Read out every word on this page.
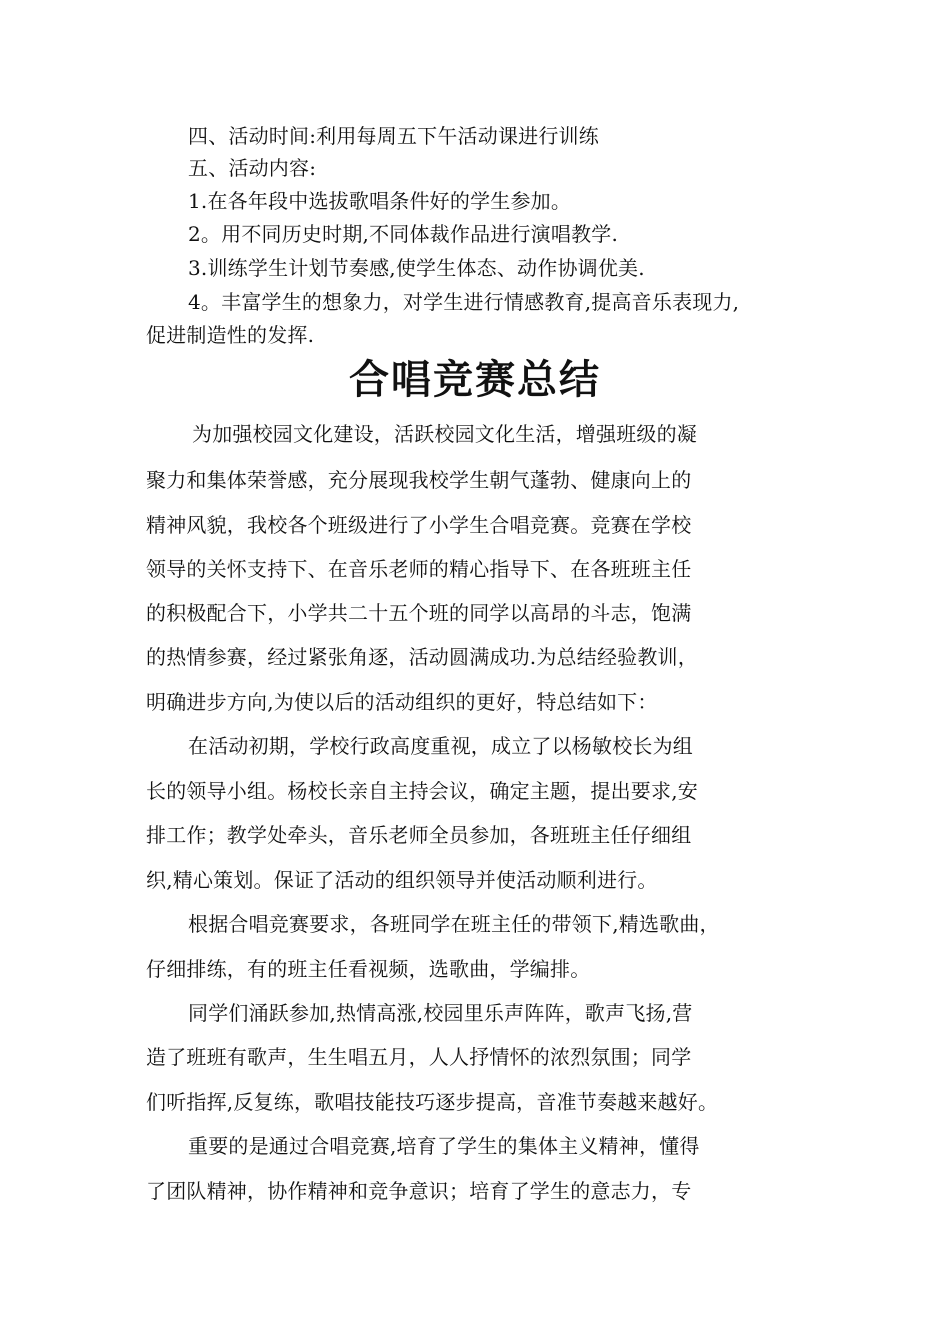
四、活动时间:利用每周五下午活动课进行训练
五、活动内容:
1.在各年段中选拔歌唱条件好的学生参加。
2。用不同历史时期,不同体裁作品进行演唱教学.
3.训练学生计划节奏感,使学生体态、动作协调优美.
4。丰富学生的想象力，对学生进行情感教育,提高音乐表现力,
促进制造性的发挥.
合唱竞赛总结
为加强校园文化建设，活跃校园文化生活，增强班级的凝
聚力和集体荣誉感，充分展现我校学生朝气蓬勃、健康向上的
精神风貌，我校各个班级进行了小学生合唱竞赛。竞赛在学校
领导的关怀支持下、在音乐老师的精心指导下、在各班班主任
的积极配合下，小学共二十五个班的同学以高昂的斗志，饱满
的热情参赛，经过紧张角逐，活动圆满成功.为总结经验教训，
明确进步方向,为使以后的活动组织的更好，特总结如下：
在活动初期，学校行政高度重视，成立了以杨敏校长为组
长的领导小组。杨校长亲自主持会议，确定主题，提出要求,安
排工作；教学处牵头，音乐老师全员参加，各班班主任仔细组
织,精心策划。保证了活动的组织领导并使活动顺利进行。
根据合唱竞赛要求，各班同学在班主任的带领下,精选歌曲，
仔细排练，有的班主任看视频，选歌曲，学编排。
同学们涌跃参加,热情高涨,校园里乐声阵阵，歌声飞扬,营
造了班班有歌声，生生唱五月，人人抒情怀的浓烈氛围；同学
们听指挥,反复练，歌唱技能技巧逐步提高，音准节奏越来越好。
重要的是通过合唱竞赛,培育了学生的集体主义精神，懂得
了团队精神，协作精神和竞争意识；培育了学生的意志力，专
